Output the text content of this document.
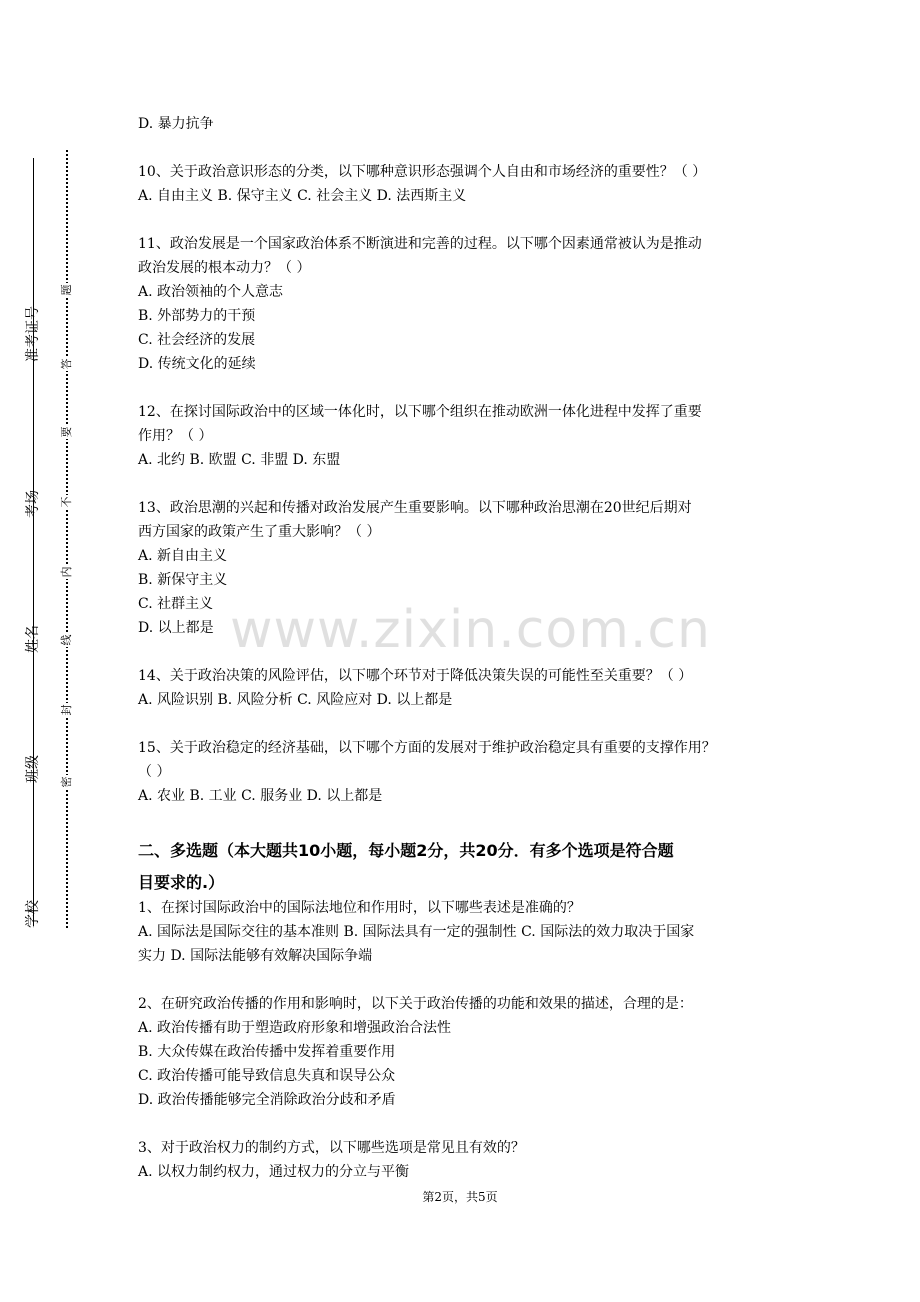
准考证号
考场
姓名
班级
学校
题
答
要
不
内
线
封
密
www.zixin.com.cn
D. 暴力抗争
10、关于政治意识形态的分类，以下哪种意识形态强调个人自由和市场经济的重要性？（ ）
A. 自由主义 B. 保守主义 C. 社会主义 D. 法西斯主义
11、政治发展是一个国家政治体系不断演进和完善的过程。以下哪个因素通常被认为是推动
政治发展的根本动力？（ ）
A. 政治领袖的个人意志
B. 外部势力的干预
C. 社会经济的发展
D. 传统文化的延续
12、在探讨国际政治中的区域一体化时，以下哪个组织在推动欧洲一体化进程中发挥了重要
作用？（ ）
A. 北约 B. 欧盟 C. 非盟 D. 东盟
13、政治思潮的兴起和传播对政治发展产生重要影响。以下哪种政治思潮在20世纪后期对
西方国家的政策产生了重大影响？（ ）
A. 新自由主义
B. 新保守主义
C. 社群主义
D. 以上都是
14、关于政治决策的风险评估，以下哪个环节对于降低决策失误的可能性至关重要？（ ）
A. 风险识别 B. 风险分析 C. 风险应对 D. 以上都是
15、关于政治稳定的经济基础，以下哪个方面的发展对于维护政治稳定具有重要的支撑作用？
（ ）
A. 农业 B. 工业 C. 服务业 D. 以上都是
二、多选题（本大题共10小题，每小题2分，共20分．有多个选项是符合题
目要求的.）
1、在探讨国际政治中的国际法地位和作用时，以下哪些表述是准确的？
A. 国际法是国际交往的基本准则 B. 国际法具有一定的强制性 C. 国际法的效力取决于国家
实力 D. 国际法能够有效解决国际争端
2、在研究政治传播的作用和影响时，以下关于政治传播的功能和效果的描述，合理的是：
A. 政治传播有助于塑造政府形象和增强政治合法性
B. 大众传媒在政治传播中发挥着重要作用
C. 政治传播可能导致信息失真和误导公众
D. 政治传播能够完全消除政治分歧和矛盾
3、对于政治权力的制约方式，以下哪些选项是常见且有效的？
A. 以权力制约权力，通过权力的分立与平衡
第2页，共5页
